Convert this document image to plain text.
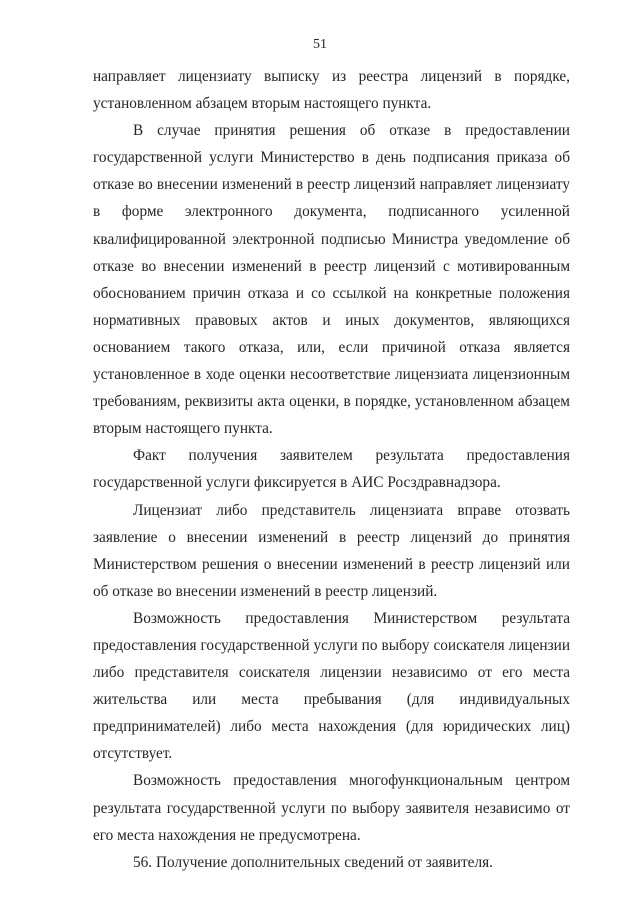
51

направляет лицензиату выписку из реестра лицензий в порядке, установленном абзацем вторым настоящего пункта.

В случае принятия решения об отказе в предоставлении государственной услуги Министерство в день подписания приказа об отказе во внесении изменений в реестр лицензий направляет лицензиату в форме электронного документа, подписанного усиленной квалифицированной электронной подписью Министра уведомление об отказе во внесении изменений в реестр лицензий с мотивированным обоснованием причин отказа и со ссылкой на конкретные положения нормативных правовых актов и иных документов, являющихся основанием такого отказа, или, если причиной отказа является установленное в ходе оценки несоответствие лицензиата лицензионным требованиям, реквизиты акта оценки, в порядке, установленном абзацем вторым настоящего пункта.

Факт получения заявителем результата предоставления государственной услуги фиксируется в АИС Росздравнадзора.

Лицензиат либо представитель лицензиата вправе отозвать заявление о внесении изменений в реестр лицензий до принятия Министерством решения о внесении изменений в реестр лицензий или об отказе во внесении изменений в реестр лицензий.

Возможность предоставления Министерством результата предоставления государственной услуги по выбору соискателя лицензии либо представителя соискателя лицензии независимо от его места жительства или места пребывания (для индивидуальных предпринимателей) либо места нахождения (для юридических лиц) отсутствует.

Возможность предоставления многофункциональным центром результата государственной услуги по выбору заявителя независимо от его места нахождения не предусмотрена.

56. Получение дополнительных сведений от заявителя.
